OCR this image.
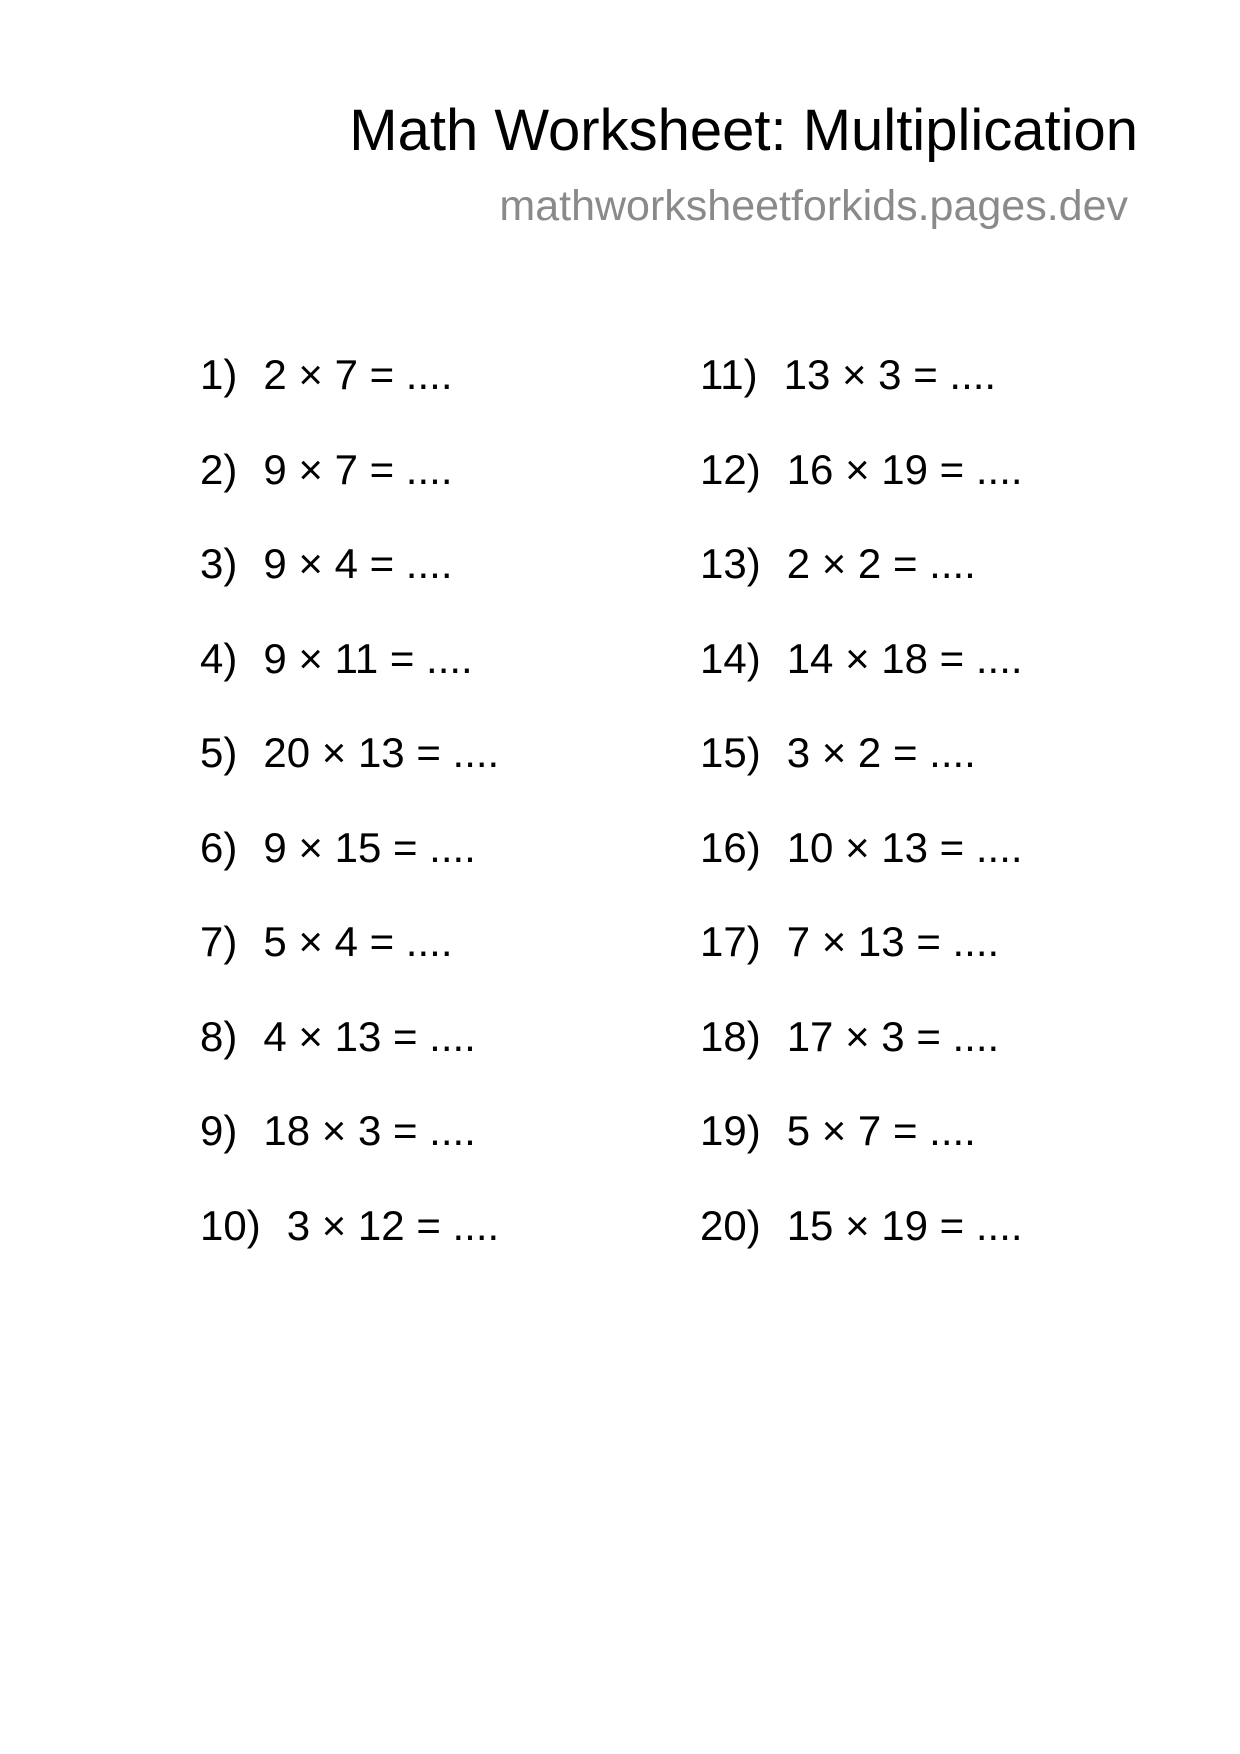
Math Worksheet: Multiplication
mathworksheetforkids.pages.dev
1) 2 × 7 = ....
2) 9 × 7 = ....
3) 9 × 4 = ....
4) 9 × 11 = ....
5) 20 × 13 = ....
6) 9 × 15 = ....
7) 5 × 4 = ....
8) 4 × 13 = ....
9) 18 × 3 = ....
10) 3 × 12 = ....
11) 13 × 3 = ....
12) 16 × 19 = ....
13) 2 × 2 = ....
14) 14 × 18 = ....
15) 3 × 2 = ....
16) 10 × 13 = ....
17) 7 × 13 = ....
18) 17 × 3 = ....
19) 5 × 7 = ....
20) 15 × 19 = ....
